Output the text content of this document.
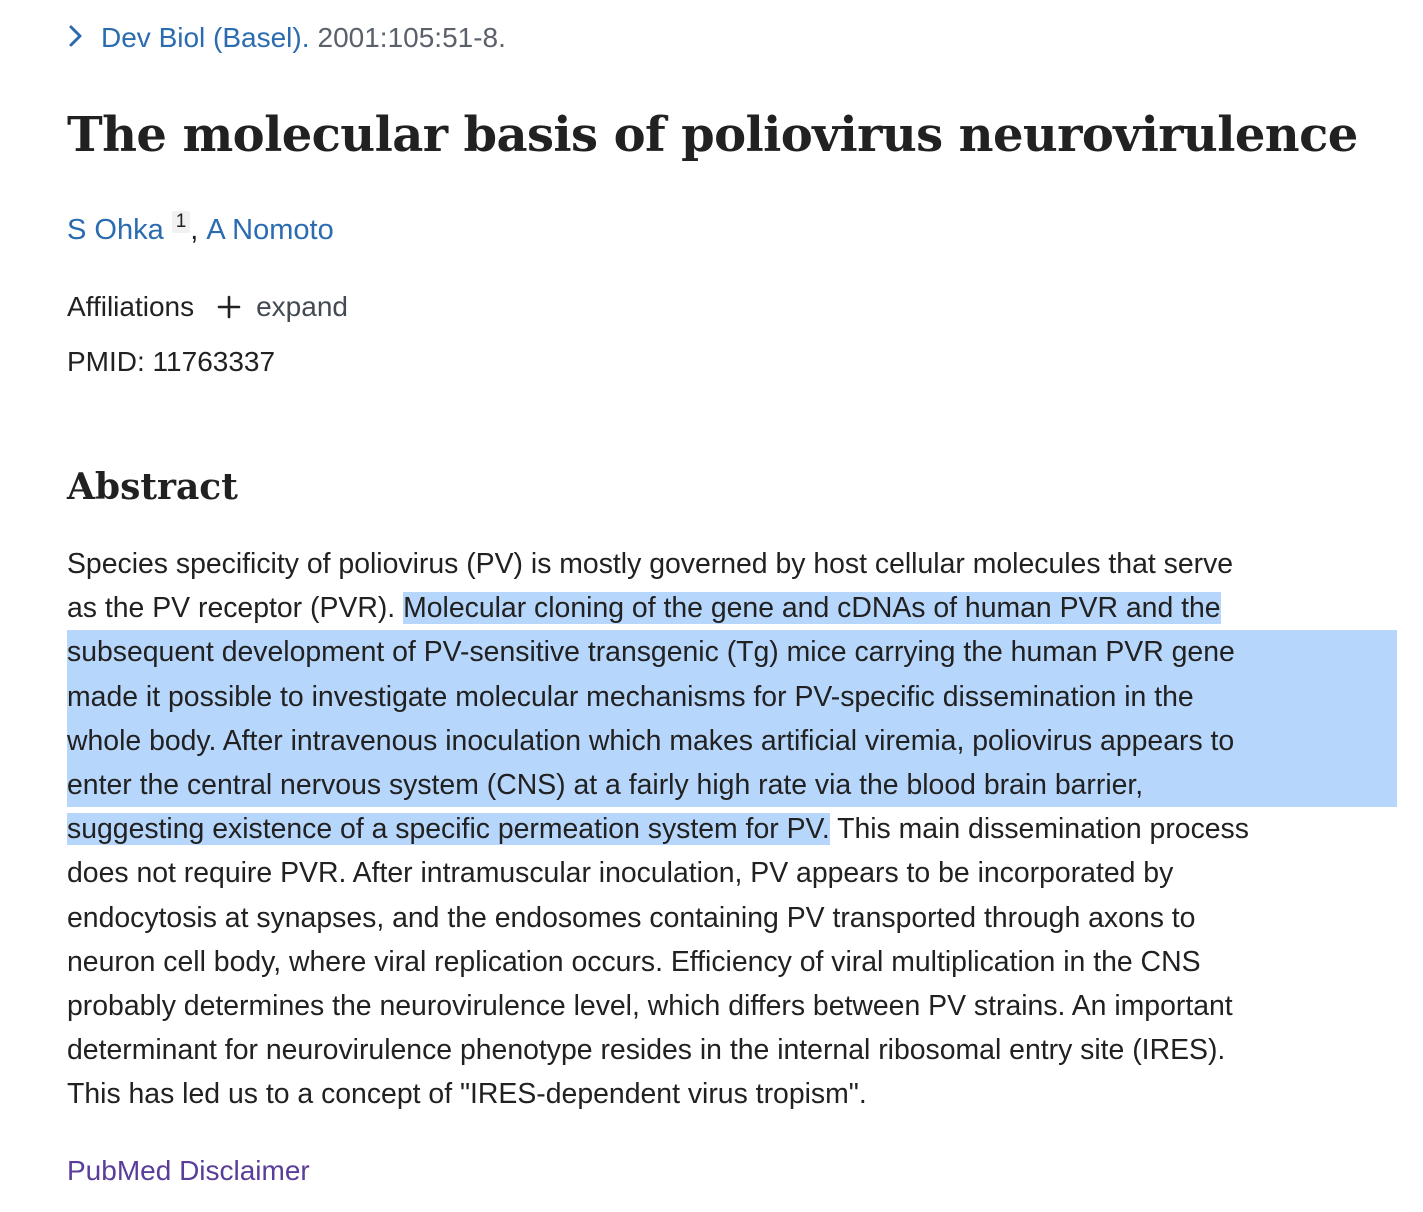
Dev Biol (Basel). 2001:105:51-8.
The molecular basis of poliovirus neurovirulence
S Ohka 1 , A Nomoto
Affiliations expand
PMID: 11763337
Abstract
Species specificity of poliovirus (PV) is mostly governed by host cellular molecules that serve
as the PV receptor (PVR). Molecular cloning of the gene and cDNAs of human PVR and the
subsequent development of PV-sensitive transgenic (Tg) mice carrying the human PVR gene
made it possible to investigate molecular mechanisms for PV-specific dissemination in the
whole body. After intravenous inoculation which makes artificial viremia, poliovirus appears to
enter the central nervous system (CNS) at a fairly high rate via the blood brain barrier,
suggesting existence of a specific permeation system for PV. This main dissemination process
does not require PVR. After intramuscular inoculation, PV appears to be incorporated by
endocytosis at synapses, and the endosomes containing PV transported through axons to
neuron cell body, where viral replication occurs. Efficiency of viral multiplication in the CNS
probably determines the neurovirulence level, which differs between PV strains. An important
determinant for neurovirulence phenotype resides in the internal ribosomal entry site (IRES).
This has led us to a concept of "IRES-dependent virus tropism".
PubMed Disclaimer
